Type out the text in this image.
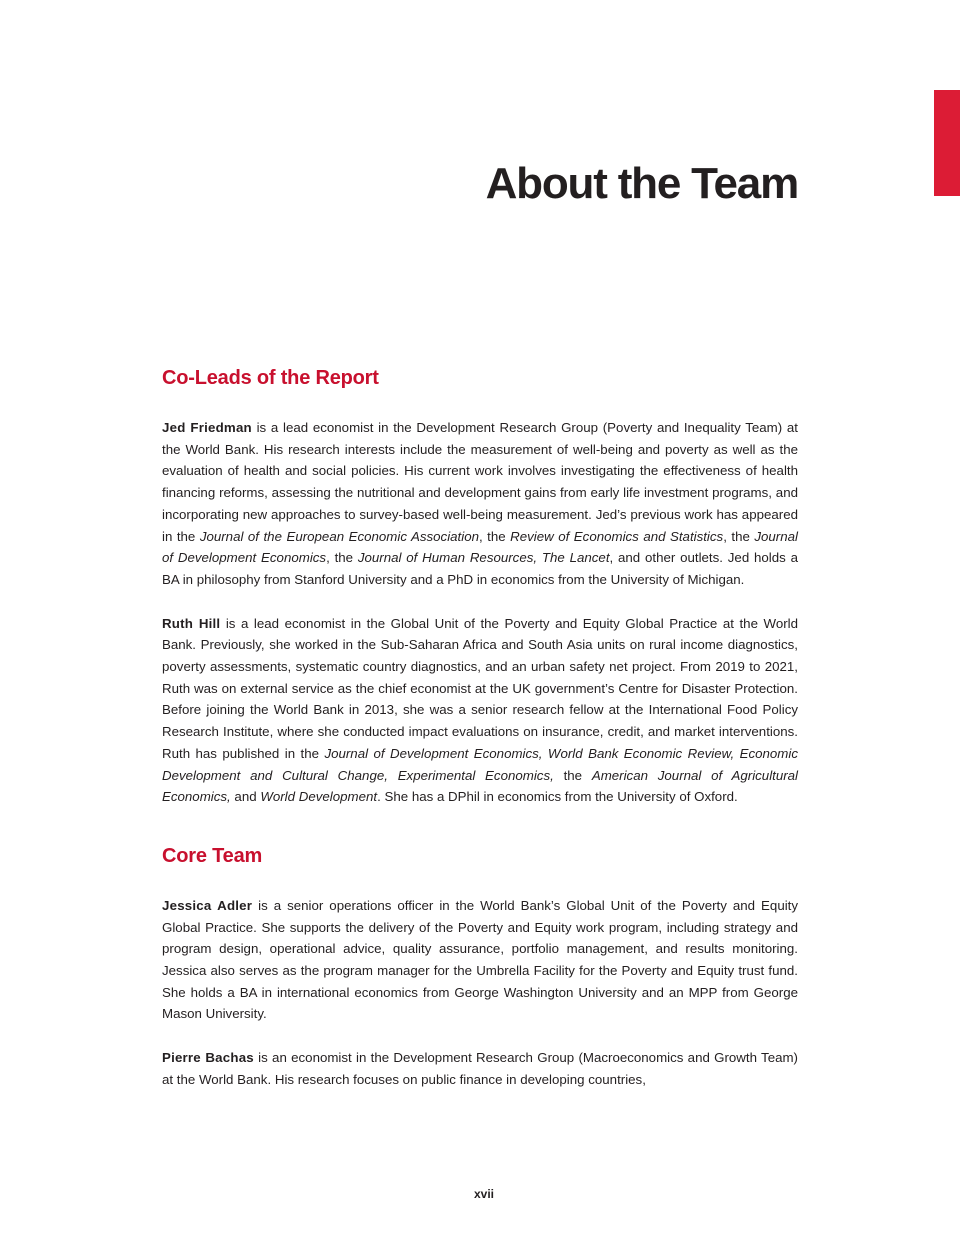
About the Team
Co-Leads of the Report

Jed Friedman is a lead economist in the Development Research Group (Poverty and Inequality Team) at the World Bank. His research interests include the measurement of well-being and poverty as well as the evaluation of health and social policies. His current work involves investigating the effectiveness of health financing reforms, assessing the nutritional and development gains from early life investment programs, and incorporating new approaches to survey-based well-being measurement. Jed’s previous work has appeared in the Journal of the European Economic Association, the Review of Economics and Statistics, the Journal of Development Economics, the Journal of Human Resources, The Lancet, and other outlets. Jed holds a BA in philosophy from Stanford University and a PhD in economics from the University of Michigan.

Ruth Hill is a lead economist in the Global Unit of the Poverty and Equity Global Practice at the World Bank. Previously, she worked in the Sub-Saharan Africa and South Asia units on rural income diagnostics, poverty assessments, systematic country diagnostics, and an urban safety net project. From 2019 to 2021, Ruth was on external service as the chief economist at the UK government’s Centre for Disaster Protection. Before joining the World Bank in 2013, she was a senior research fellow at the International Food Policy Research Institute, where she conducted impact evaluations on insurance, credit, and market interventions. Ruth has published in the Journal of Development Economics, World Bank Economic Review, Economic Development and Cultural Change, Experimental Economics, the American Journal of Agricultural Economics, and World Development. She has a DPhil in economics from the University of Oxford.

Core Team

Jessica Adler is a senior operations officer in the World Bank’s Global Unit of the Poverty and Equity Global Practice. She supports the delivery of the Poverty and Equity work program, including strategy and program design, operational advice, quality assurance, portfolio management, and results monitoring. Jessica also serves as the program manager for the Umbrella Facility for the Poverty and Equity trust fund. She holds a BA in international economics from George Washington University and an MPP from George Mason University.

Pierre Bachas is an economist in the Development Research Group (Macroeconomics and Growth Team) at the World Bank. His research focuses on public finance in developing countries,

xvii
